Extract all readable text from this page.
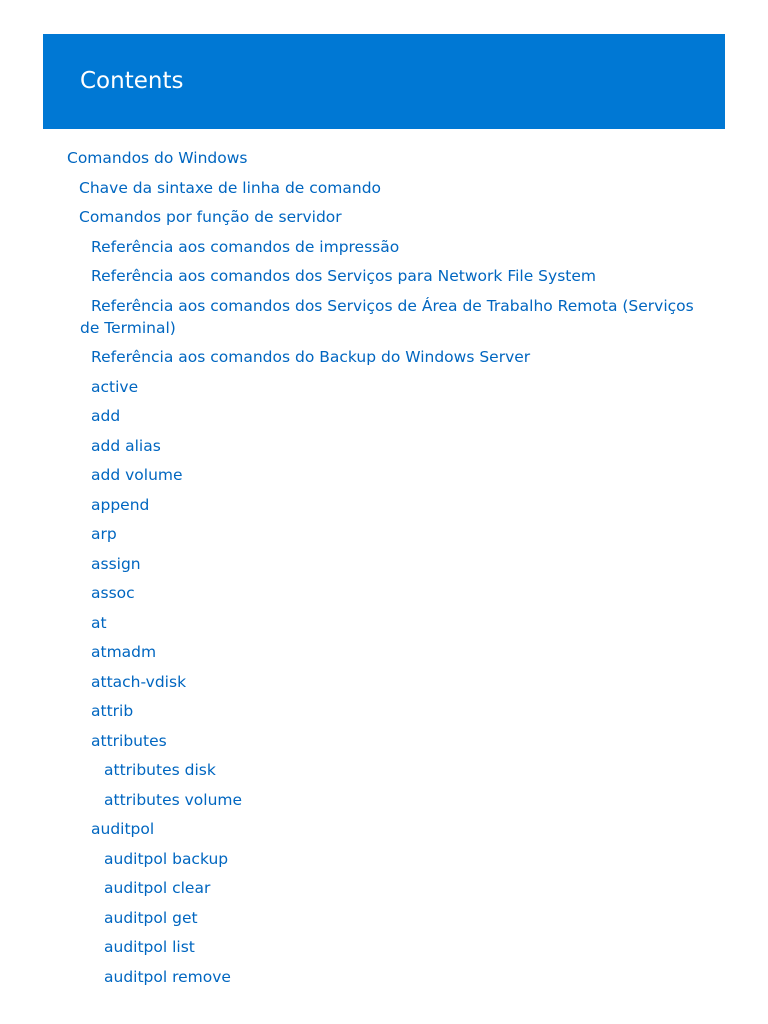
Contents
Comandos do Windows
Chave da sintaxe de linha de comando
Comandos por função de servidor
Referência aos comandos de impressão
Referência aos comandos dos Serviços para Network File System
Referência aos comandos dos Serviços de Área de Trabalho Remota (Serviços de Terminal)
Referência aos comandos do Backup do Windows Server
active
add
add alias
add volume
append
arp
assign
assoc
at
atmadm
attach-vdisk
attrib
attributes
attributes disk
attributes volume
auditpol
auditpol backup
auditpol clear
auditpol get
auditpol list
auditpol remove
